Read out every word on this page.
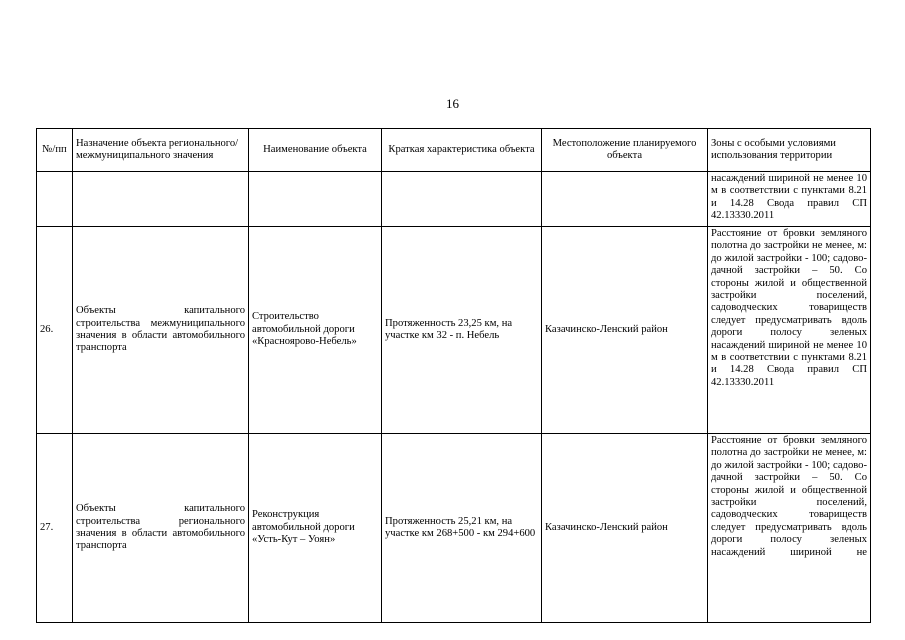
16
№/пп	Назначение объекта регионального/ межмуниципального значения	Наименование объекта	Краткая характеристика объекта	Местоположение планируемого объекта	Зоны с особыми условиями использования территории
					насаждений шириной не менее 10 м в соответствии с пунктами 8.21 и 14.28 Свода правил СП 42.13330.2011
26.	Объекты капитального строительства межмуниципального значения в области автомобильного транспорта	Строительство автомобильной дороги «Красноярово-Небель»	Протяженность 23,25 км, на участке км 32 - п. Небель	Казачинско-Ленский район	Расстояние от бровки земляного полотна до застройки не менее, м: до жилой застройки - 100; садово-дачной застройки – 50. Со стороны жилой и общественной застройки поселений, садоводческих товариществ следует предусматривать вдоль дороги полосу зеленых насаждений шириной не менее 10 м в соответствии с пунктами 8.21 и 14.28 Свода правил СП 42.13330.2011
27.	Объекты капитального строительства регионального значения в области автомобильного транспорта	Реконструкция автомобильной дороги «Усть-Кут – Уоян»	Протяженность 25,21 км, на участке км 268+500 - км 294+600	Казачинско-Ленский район	Расстояние от бровки земляного полотна до застройки не менее, м: до жилой застройки - 100; садово-дачной застройки – 50. Со стороны жилой и общественной застройки поселений, садоводческих товариществ следует предусматривать вдоль дороги полосу зеленых насаждений шириной не
